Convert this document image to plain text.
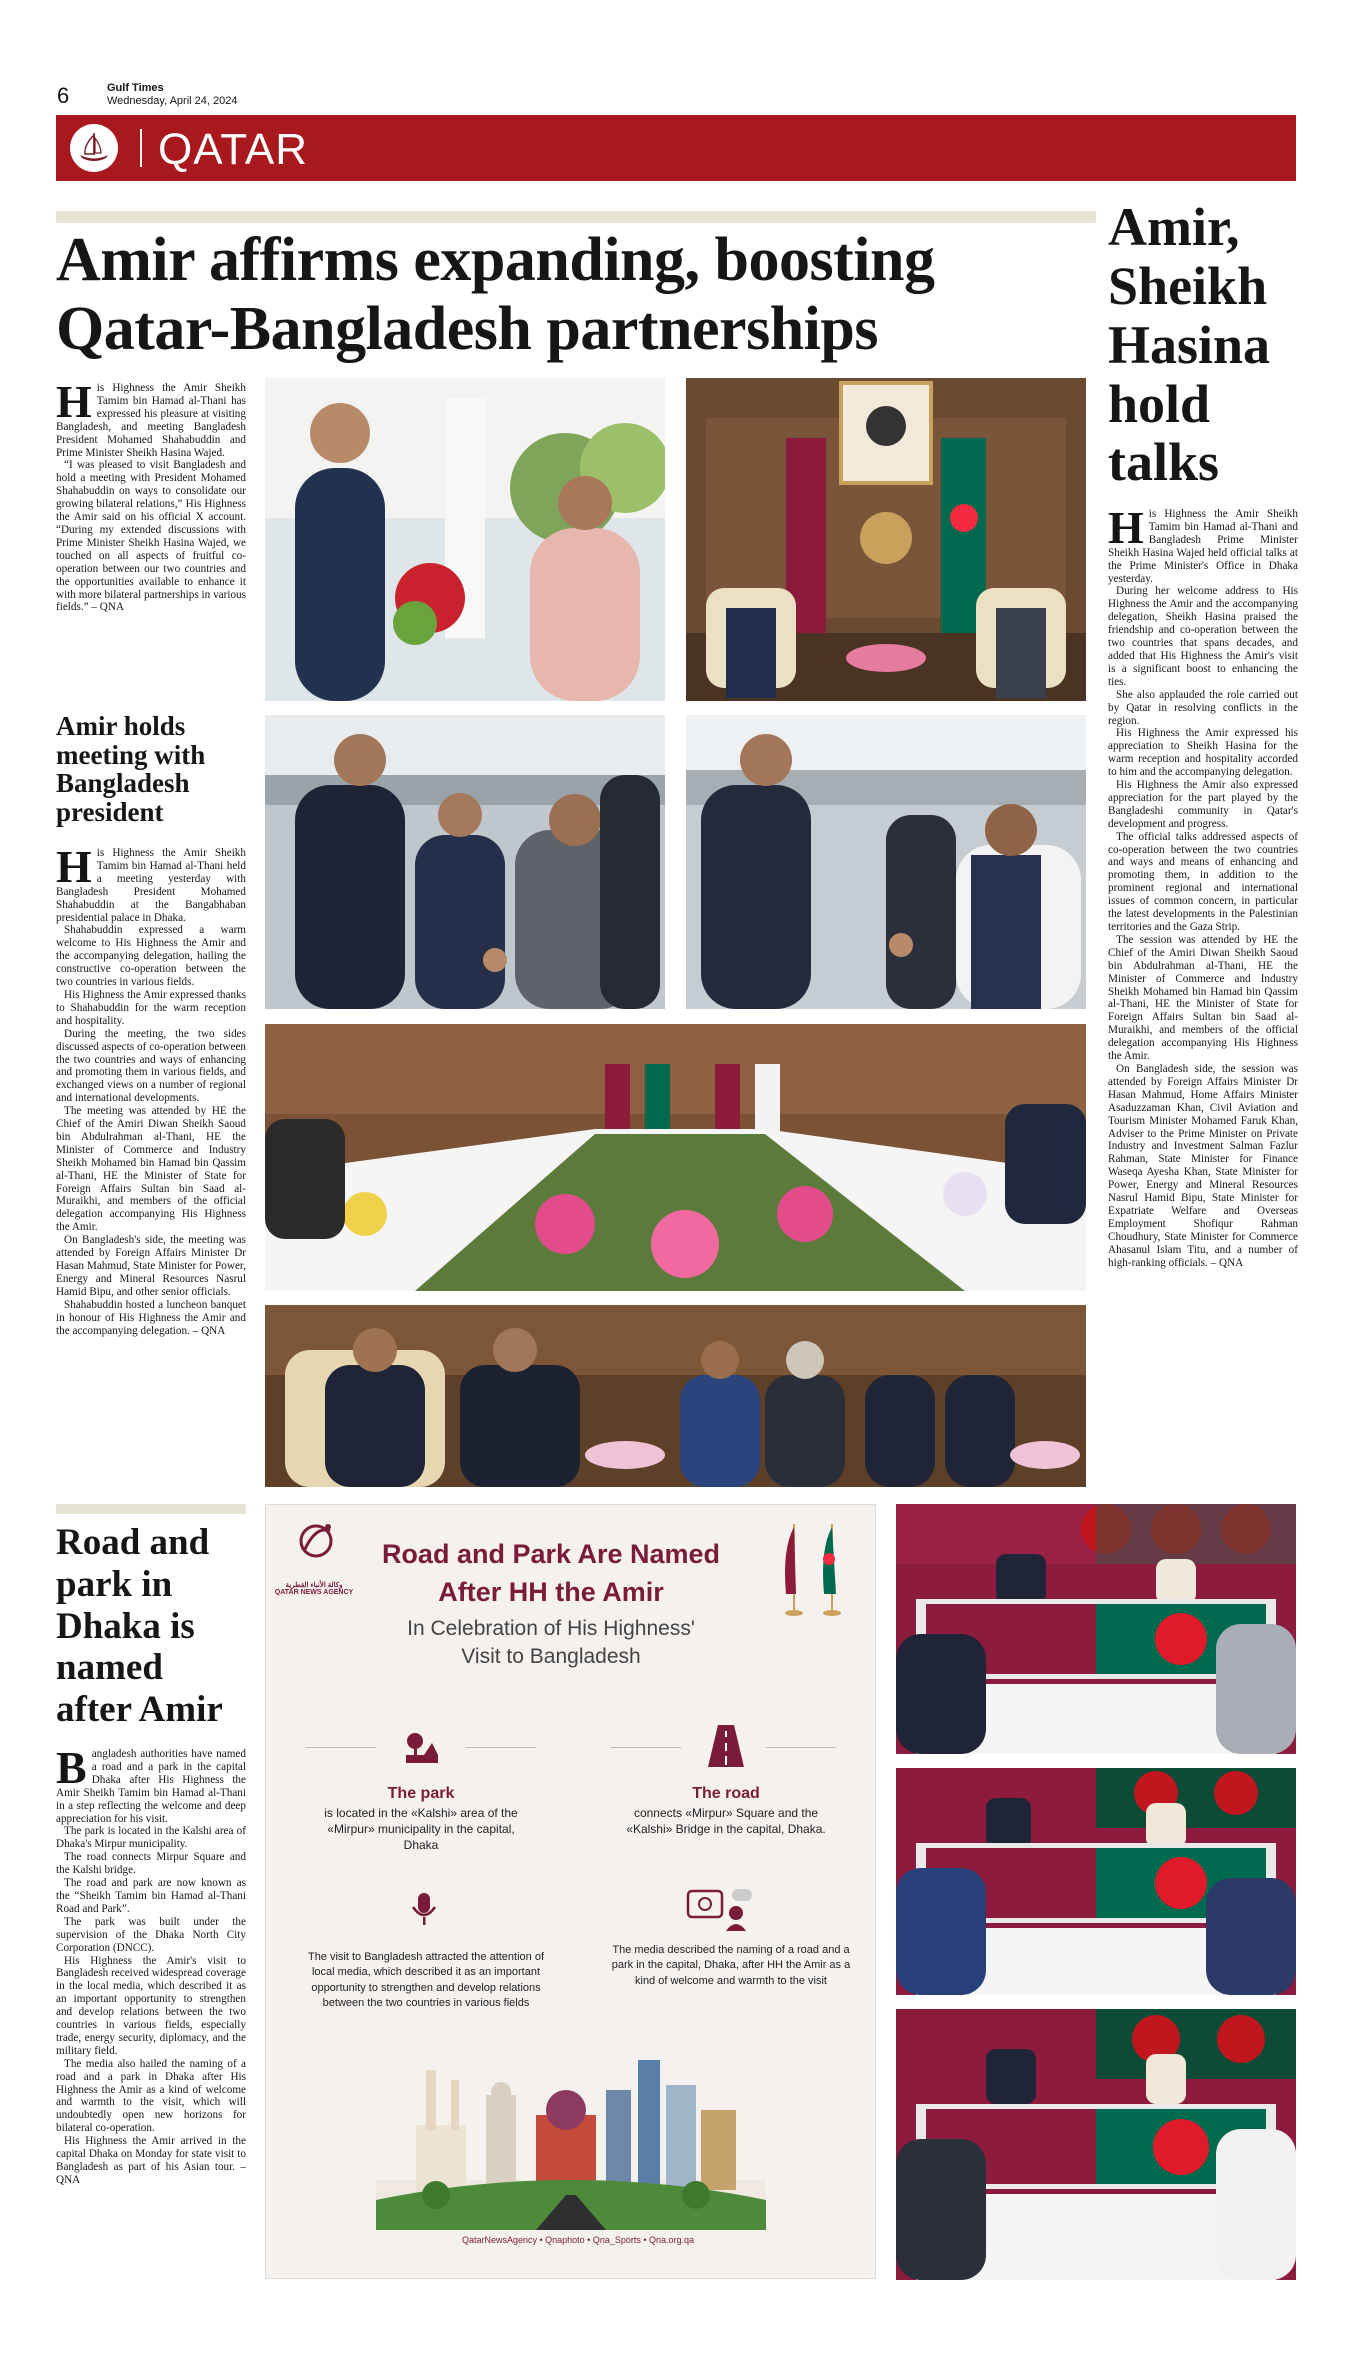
6	Gulf Times
Wednesday, April 24, 2024
QATAR
Amir affirms expanding, boosting Qatar-Bangladesh partnerships
Amir, Sheikh Hasina hold talks

His Highness the Amir Sheikh Tamim bin Hamad al-Thani has expressed his pleasure at visiting Bangladesh, and meeting Bangladesh President Mohamed Shahabuddin and Prime Minister Sheikh Hasina Wajed.

“I was pleased to visit Bangladesh and hold a meeting with President Mohamed Shahabuddin on ways to consolidate our growing bilateral relations,” His Highness the Amir said on his official X account. “During my extended discussions with Prime Minister Sheikh Hasina Wajed, we touched on all aspects of fruitful co-operation between our two countries and the opportunities available to enhance it with more bilateral partnerships in various fields.” – QNA

Amir holds meeting with Bangladesh president

His Highness the Amir Sheikh Tamim bin Hamad al-Thani held a meeting yesterday with Bangladesh President Mohamed Shahabuddin at the Bangabhaban presidential palace in Dhaka.

Shahabuddin expressed a warm welcome to His Highness the Amir and the accompanying delegation, hailing the constructive co-operation between the two countries in various fields.

His Highness the Amir expressed thanks to Shahabuddin for the warm reception and hospitality.

During the meeting, the two sides discussed aspects of co-operation between the two countries and ways of enhancing and promoting them in various fields, and exchanged views on a number of regional and international developments.

The meeting was attended by HE the Chief of the Amiri Diwan Sheikh Saoud bin Abdulrahman al-Thani, HE the Minister of Commerce and Industry Sheikh Mohamed bin Hamad bin Qassim al-Thani, HE the Minister of State for Foreign Affairs Sultan bin Saad al-Muraikhi, and members of the official delegation accompanying His Highness the Amir.

On Bangladesh's side, the meeting was attended by Foreign Affairs Minister Dr Hasan Mahmud, State Minister for Power, Energy and Mineral Resources Nasrul Hamid Bipu, and other senior officials.

Shahabuddin hosted a luncheon banquet in honour of His Highness the Amir and the accompanying delegation. – QNA

His Highness the Amir Sheikh Tamim bin Hamad al-Thani and Bangladesh Prime Minister Sheikh Hasina Wajed held official talks at the Prime Minister's Office in Dhaka yesterday.

During her welcome address to His Highness the Amir and the accompanying delegation, Sheikh Hasina praised the friendship and co-operation between the two countries that spans decades, and added that His Highness the Amir's visit is a significant boost to enhancing the ties.

She also applauded the role carried out by Qatar in resolving conflicts in the region.

His Highness the Amir expressed his appreciation to Sheikh Hasina for the warm reception and hospitality accorded to him and the accompanying delegation.

His Highness the Amir also expressed appreciation for the part played by the Bangladeshi community in Qatar's development and progress.

The official talks addressed aspects of co-operation between the two countries and ways and means of enhancing and promoting them, in addition to the prominent regional and international issues of common concern, in particular the latest developments in the Palestinian territories and the Gaza Strip.

The session was attended by HE the Chief of the Amiri Diwan Sheikh Saoud bin Abdulrahman al-Thani, HE the Minister of Commerce and Industry Sheikh Mohamed bin Hamad bin Qassim al-Thani, HE the Minister of State for Foreign Affairs Sultan bin Saad al-Muraikhi, and members of the official delegation accompanying His Highness the Amir.

On Bangladesh side, the session was attended by Foreign Affairs Minister Dr Hasan Mahmud, Home Affairs Minister Asaduzzaman Khan, Civil Aviation and Tourism Minister Mohamed Faruk Khan, Adviser to the Prime Minister on Private Industry and Investment Salman Fazlur Rahman, State Minister for Finance Waseqa Ayesha Khan, State Minister for Power, Energy and Mineral Resources Nasrul Hamid Bipu, State Minister for Expatriate Welfare and Overseas Employment Shofiqur Rahman Choudhury, State Minister for Commerce Ahasanul Islam Titu, and a number of high-ranking officials. – QNA

Road and park in Dhaka is named after Amir

Bangladesh authorities have named a road and a park in the capital Dhaka after His Highness the Amir Sheikh Tamim bin Hamad al-Thani in a step reflecting the welcome and deep appreciation for his visit.

The park is located in the Kalshi area of Dhaka's Mirpur municipality.

The road connects Mirpur Square and the Kalshi bridge.

The road and park are now known as the “Sheikh Tamim bin Hamad al-Thani Road and Park”.

The park was built under the supervision of the Dhaka North City Corporation (DNCC).

His Highness the Amir's visit to Bangladesh received widespread coverage in the local media, which described it as an important opportunity to strengthen and develop relations between the two countries in various fields, especially trade, energy security, diplomacy, and the military field.

The media also hailed the naming of a road and a park in Dhaka after His Highness the Amir as a kind of welcome and warmth to the visit, which will undoubtedly open new horizons for bilateral co-operation.

His Highness the Amir arrived in the capital Dhaka on Monday for state visit to Bangladesh as part of his Asian tour. – QNA

وكالة الأنباء القطرية
QATAR NEWS AGENCY
Road and Park Are Named
After HH the Amir
In Celebration of His Highness'
Visit to Bangladesh
The park
is located in the «Kalshi» area of the «Mirpur» municipality in the capital, Dhaka
The road
connects «Mirpur» Square and the «Kalshi» Bridge in the capital, Dhaka.
The visit to Bangladesh attracted the attention of local media, which described it as an important opportunity to strengthen and develop relations between the two countries in various fields
The media described the naming of a road and a park in the capital, Dhaka, after HH the Amir as a kind of welcome and warmth to the visit
QatarNewsAgency • Qnaphoto • Qna_Sports • Qna.org.qa
